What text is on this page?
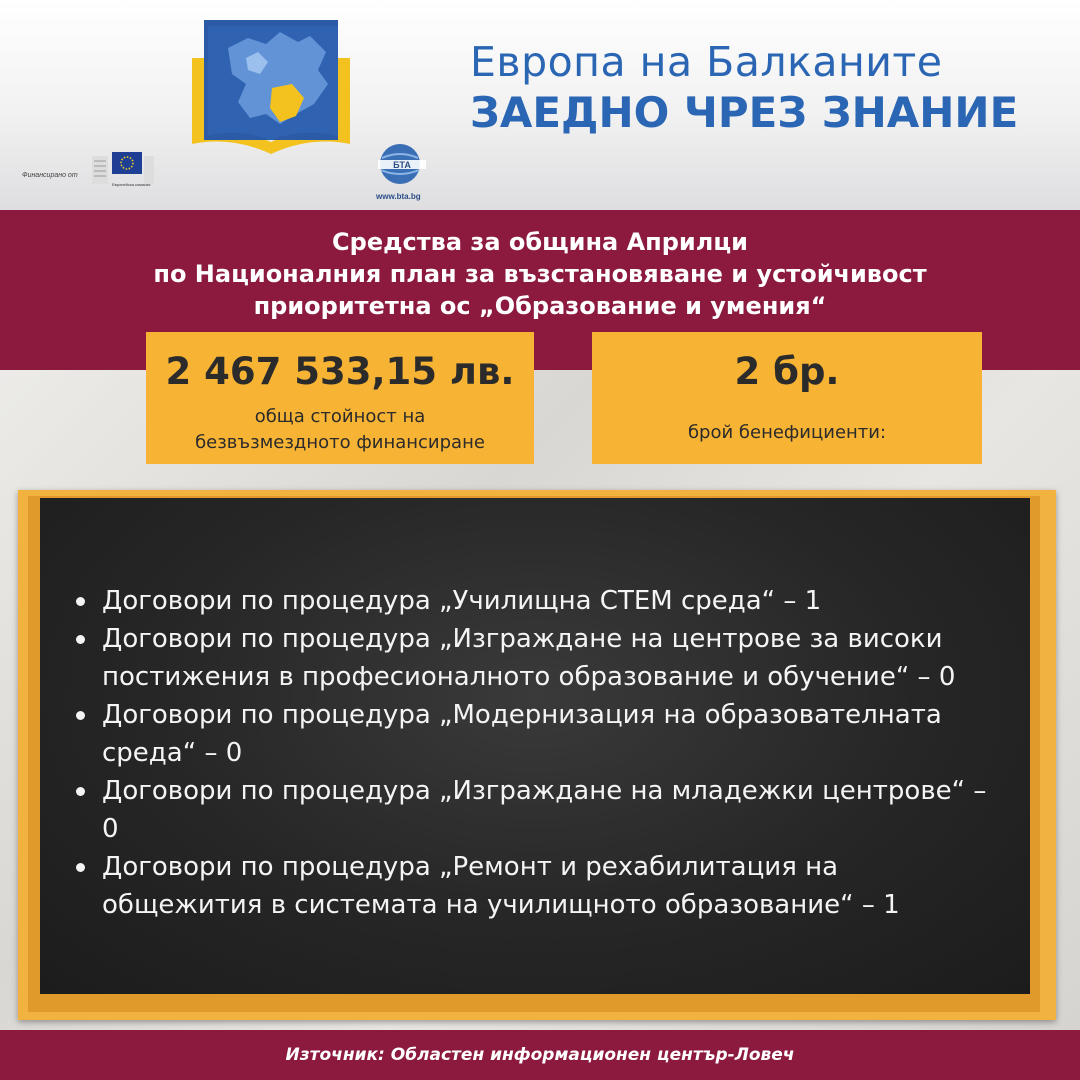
Европа на Балканите
ЗАЕДНО ЧРЕЗ ЗНАНИЕ
Финансирано от
Европейска комисия
БТА
www.bta.bg
Средства за община Априлци
по Националния план за възстановяване и устойчивост
приоритетна ос „Образование и умения“
2 467 533,15 лв.
обща стойност на
безвъзмездното финансиране
2 бр.
брой бенефициенти:
Договори по процедура „Училищна СТЕМ среда“ – 1
Договори по процедура „Изграждане на центрове за високи
постижения в професионалното образование и обучение“ – 0
Договори по процедура „Модернизация на образователната
среда“ – 0
Договори по процедура „Изграждане на младежки центрове“ –
0
Договори по процедура „Ремонт и рехабилитация на
общежития в системата на училищното образование“ – 1
Източник: Областен информационен център-Ловеч
